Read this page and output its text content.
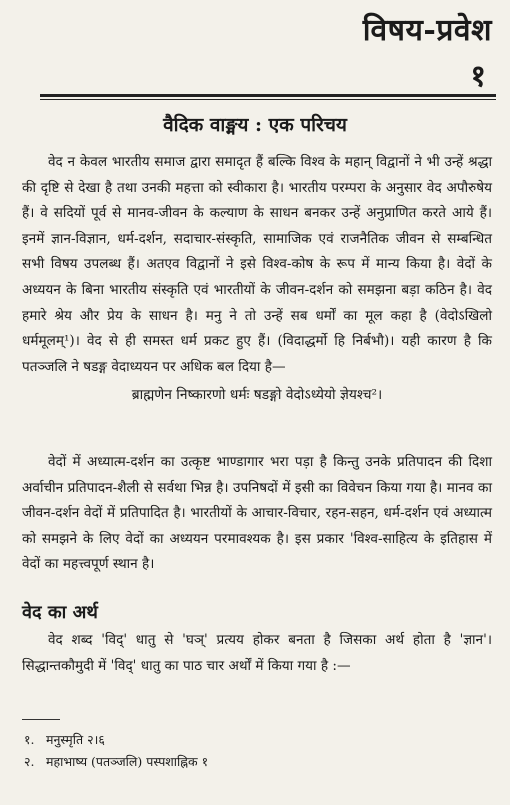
विषय-प्रवेश
१
वैदिक वाङ्मय : एक परिचय

वेद न केवल भारतीय समाज द्वारा समादृत हैं बल्कि विश्व के महान् विद्वानों ने भी उन्हें श्रद्धा की दृष्टि से देखा है तथा उनकी महत्ता को स्वीकारा है। भारतीय परम्परा के अनुसार वेद अपौरुषेय हैं। वे सदियों पूर्व से मानव-जीवन के कल्याण के साधन बनकर उन्हें अनुप्राणित करते आये हैं। इनमें ज्ञान-विज्ञान, धर्म-दर्शन, सदाचार-संस्कृति, सामाजिक एवं राजनैतिक जीवन से सम्बन्धित सभी विषय उपलब्ध हैं। अतएव विद्वानों ने इसे विश्व-कोष के रूप में मान्य किया है। वेदों के अध्ययन के बिना भारतीय संस्कृति एवं भारतीयों के जीवन-दर्शन को समझना बड़ा कठिन है। वेद हमारे श्रेय और प्रेय के साधन है। मनु ने तो उन्हें सब धर्मों का मूल कहा है (वेदोऽखिलो धर्ममूलम्¹)। वेद से ही समस्त धर्म प्रकट हुए हैं। (विदाद्धर्मो हि निर्बभौ)। यही कारण है कि पतञ्जलि ने षडङ्ग वेदाध्ययन पर अधिक बल दिया है—

ब्राह्मणेन निष्कारणो धर्मः षडङ्गो वेदोऽध्येयो ज्ञेयश्च²।

वेदों में अध्यात्म-दर्शन का उत्कृष्ट भाण्डागार भरा पड़ा है किन्तु उनके प्रतिपादन की दिशा अर्वाचीन प्रतिपादन-शैली से सर्वथा भिन्न है। उपनिषदों में इसी का विवेचन किया गया है। मानव का जीवन-दर्शन वेदों में प्रतिपादित है। भारतीयों के आचार-विचार, रहन-सहन, धर्म-दर्शन एवं अध्यात्म को समझने के लिए वेदों का अध्ययन परमावश्यक है। इस प्रकार 'विश्व-साहित्य के इतिहास में वेदों का महत्त्वपूर्ण स्थान है।

वेद का अर्थ

वेद शब्द 'विद्' धातु से 'घञ्' प्रत्यय होकर बनता है जिसका अर्थ होता है 'ज्ञान'। सिद्धान्तकौमुदी में 'विद्' धातु का पाठ चार अर्थों में किया गया है :—

१. मनुस्मृति २।६
२. महाभाष्य (पतञ्जलि) पस्पशाह्निक १
